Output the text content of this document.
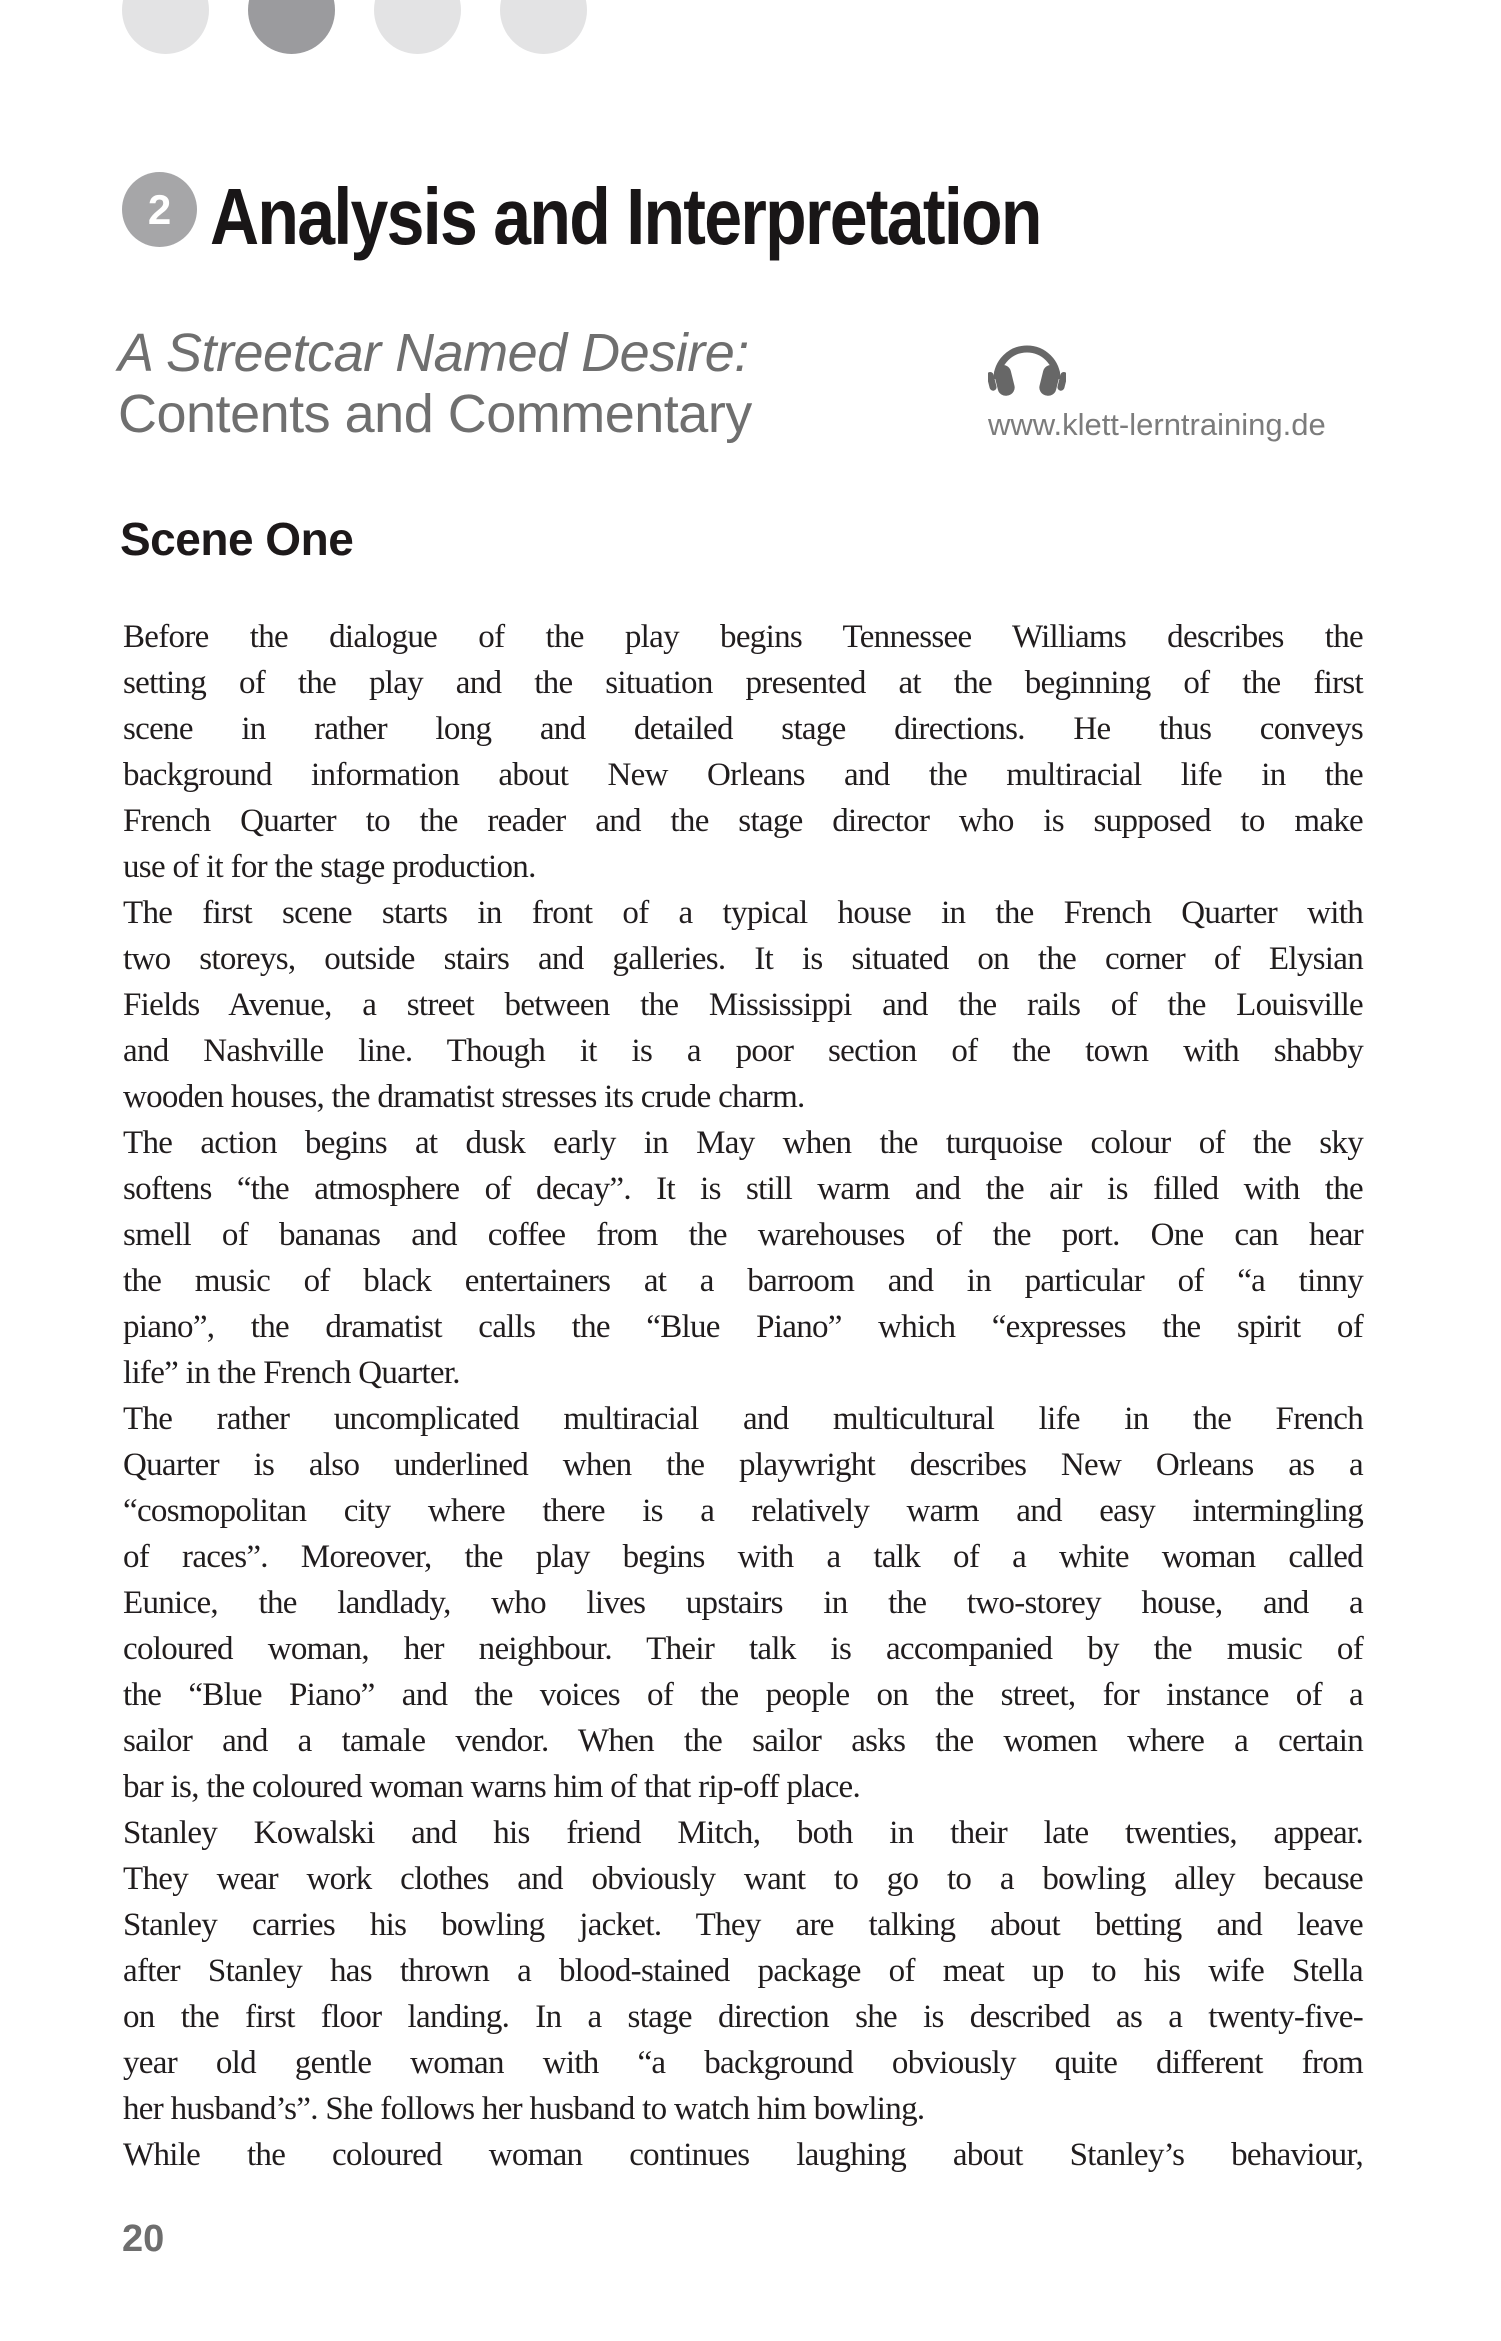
2 Analysis and Interpretation
A Streetcar Named Desire:
Contents and Commentary	www.klett-lerntraining.de
Scene One

Before the dialogue of the play begins Tennessee Williams describes the
setting of the play and the situation presented at the beginning of the first
scene in rather long and detailed stage directions. He thus conveys
background information about New Orleans and the multiracial life in the
French Quarter to the reader and the stage director who is supposed to make
use of it for the stage production.

The first scene starts in front of a typical house in the French Quarter with
two storeys, outside stairs and galleries. It is situated on the corner of Elysian
Fields Avenue, a street between the Mississippi and the rails of the Louisville
and Nashville line. Though it is a poor section of the town with shabby
wooden houses, the dramatist stresses its crude charm.

The action begins at dusk early in May when the turquoise colour of the sky
softens “the atmosphere of decay”. It is still warm and the air is filled with the
smell of bananas and coffee from the warehouses of the port. One can hear
the music of black entertainers at a barroom and in particular of “a tinny
piano”, the dramatist calls the “Blue Piano” which “expresses the spirit of
life” in the French Quarter.

The rather uncomplicated multiracial and multicultural life in the French
Quarter is also underlined when the playwright describes New Orleans as a
“cosmopolitan city where there is a relatively warm and easy intermingling
of races”. Moreover, the play begins with a talk of a white woman called
Eunice, the landlady, who lives upstairs in the two-storey house, and a
coloured woman, her neighbour. Their talk is accompanied by the music of
the “Blue Piano” and the voices of the people on the street, for instance of a
sailor and a tamale vendor. When the sailor asks the women where a certain
bar is, the coloured woman warns him of that rip-off place.

Stanley Kowalski and his friend Mitch, both in their late twenties, appear.
They wear work clothes and obviously want to go to a bowling alley because
Stanley carries his bowling jacket. They are talking about betting and leave
after Stanley has thrown a blood-stained package of meat up to his wife Stella
on the first floor landing. In a stage direction she is described as a twenty-five-
year old gentle woman with “a background obviously quite different from
her husband’s”. She follows her husband to watch him bowling.

While the coloured woman continues laughing about Stanley’s behaviour,

20
